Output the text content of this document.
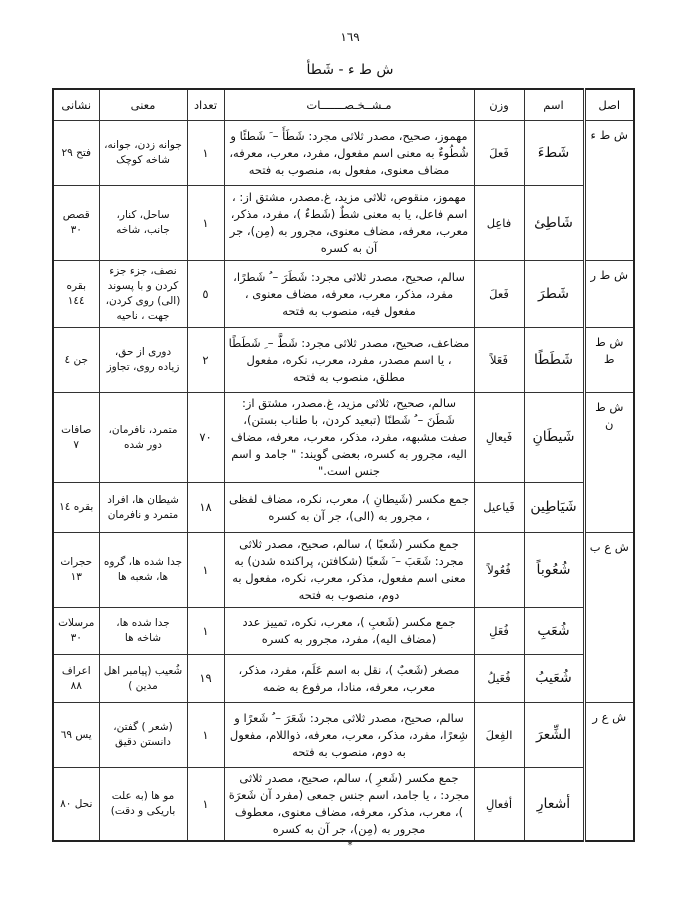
١٦٩
ش ط ء - شَطأ
اصل	اسم	وزن	مـشــخـصـــــــات	تعداد	معنی	نشانی
ش ط ء	شَطءَ	فَعلَ	مهموز، صحیح، مصدر ثلاثی مجرد: شَطَأَ – َ شَطئًا و شُطُوءٌ به معنی اسم مفعول، مفرد، معرب، معرفه، مضاف معنوی، مفعول به، منصوب به فتحه	١	جوانه زدن، جوانه، شاخه کوچک	فتح ٢٩
	شَاطِئ	فاعِل	مهموز، منقوص، ثلاثی مزید، غ.مصدر، مشتق از: ، اسم فاعل، یا به معنی شطٌ (شَطءٌ )، مفرد، مذکر، معرب، معرفه، مضاف معنوی، مجرور به (مِن)، جر آن به کسره	١	ساحل، کنار، جانب، شاخه	قصص ٣٠
ش ط ر	شَطرَ	فَعلَ	سالم، صحیح، مصدر ثلاثی مجرد: شَطَرَ – ُ شَطرًا، مفرد، مذکر، معرب، معرفه، مضاف معنوی ، مفعول فیه، منصوب به فتحه	٥	نصف، جزء جزء کردن و با پسوند (الی) روی کردن، جهت ، ناحیه	بقره ١٤٤
ش ط ط	شَطَطًا	فَعَلاً	مضاعف، صحیح، مصدر ثلاثی مجرد: شَطَّ – ِ شَطَطًا ، یا اسم مصدر، مفرد، معرب، نکره، مفعول مطلق، منصوب به فتحه	٢	دوری از حق، زیاده روی، تجاوز	جن ٤
ش ط ن	شَیطَانِ	فَیعالِ	سالم، صحیح، ثلاثی مزید، غ.مصدر، مشتق از: شَطَنَ – ُ شَطنًا (تبعید کردن، با طناب بستن)، صفت مشبهه، مفرد، مذکر، معرب، معرفه، مضاف الیه، مجرور به کسره، بعضی گویند: " جامد و اسم جنس است."	٧٠	متمرد، نافرمان، دور شده	صافات ٧
	شَیَاطِین	فَیاعیل	جمع مکسر (شَیطانِ )، معرب، نکره، مضاف لفظی ، مجرور به (الی)، جر آن به کسره	١٨	شیطان ها، افراد متمرد و نافرمان	بقره ١٤
ش ع ب	شُعُوباً	فُعُولاً	جمع مکسر (شَعبًا )، سالم، صحیح، مصدر ثلاثی مجرد: شَعَبَ – َ شَعبًا (شکافتن، پراکنده شدن) به معنی اسم مفعول، مذکر، معرب، نکره، مفعول به دوم، منصوب به فتحه	١	جدا شده ها، گروه ها، شعبه ها	حجرات ١٣
	شُعَبِ	فُعَلِ	جمع مکسر (شَعبِ )، معرب، نکره، تمییز عدد (مضاف الیه)، مفرد، مجرور به کسره	١	جدا شده ها، شاخه ها	مرسلات ٣٠
	شُعَیبُ	فُعَیلُ	مصغر (شَعبٌ )، نقل به اسم عَلَم، مفرد، مذکر، معرب، معرفه، منادا، مرفوع به ضمه	١٩	شُعیب (پیامبر اهل مدین )	اعراف ٨٨
ش ع ر	الشِّعرَ	الفِعلَ	سالم، صحیح، مصدر ثلاثی مجرد: شَعَرَ – ُ شَعرًا و شِعرًا، مفرد، مذکر، معرب، معرفه، ذواللام، مفعول به دوم، منصوب به فتحه	١	(شعر ) گفتن، دانستن دقیق	یس ٦٩
	أشعارِ	أفعالِ	جمع مکسر (شَعرِ )، سالم، صحیح، مصدر ثلاثی مجرد: ، یا جامد، اسم جنس جمعی (مفرد آن شَعرَة )، معرب، مذکر، معرفه، مضاف معنوی، معطوف مجرور به (مِن)، جر آن به کسره	١	مو ها (به علت باریکی و دقت)	نحل ٨٠
*
